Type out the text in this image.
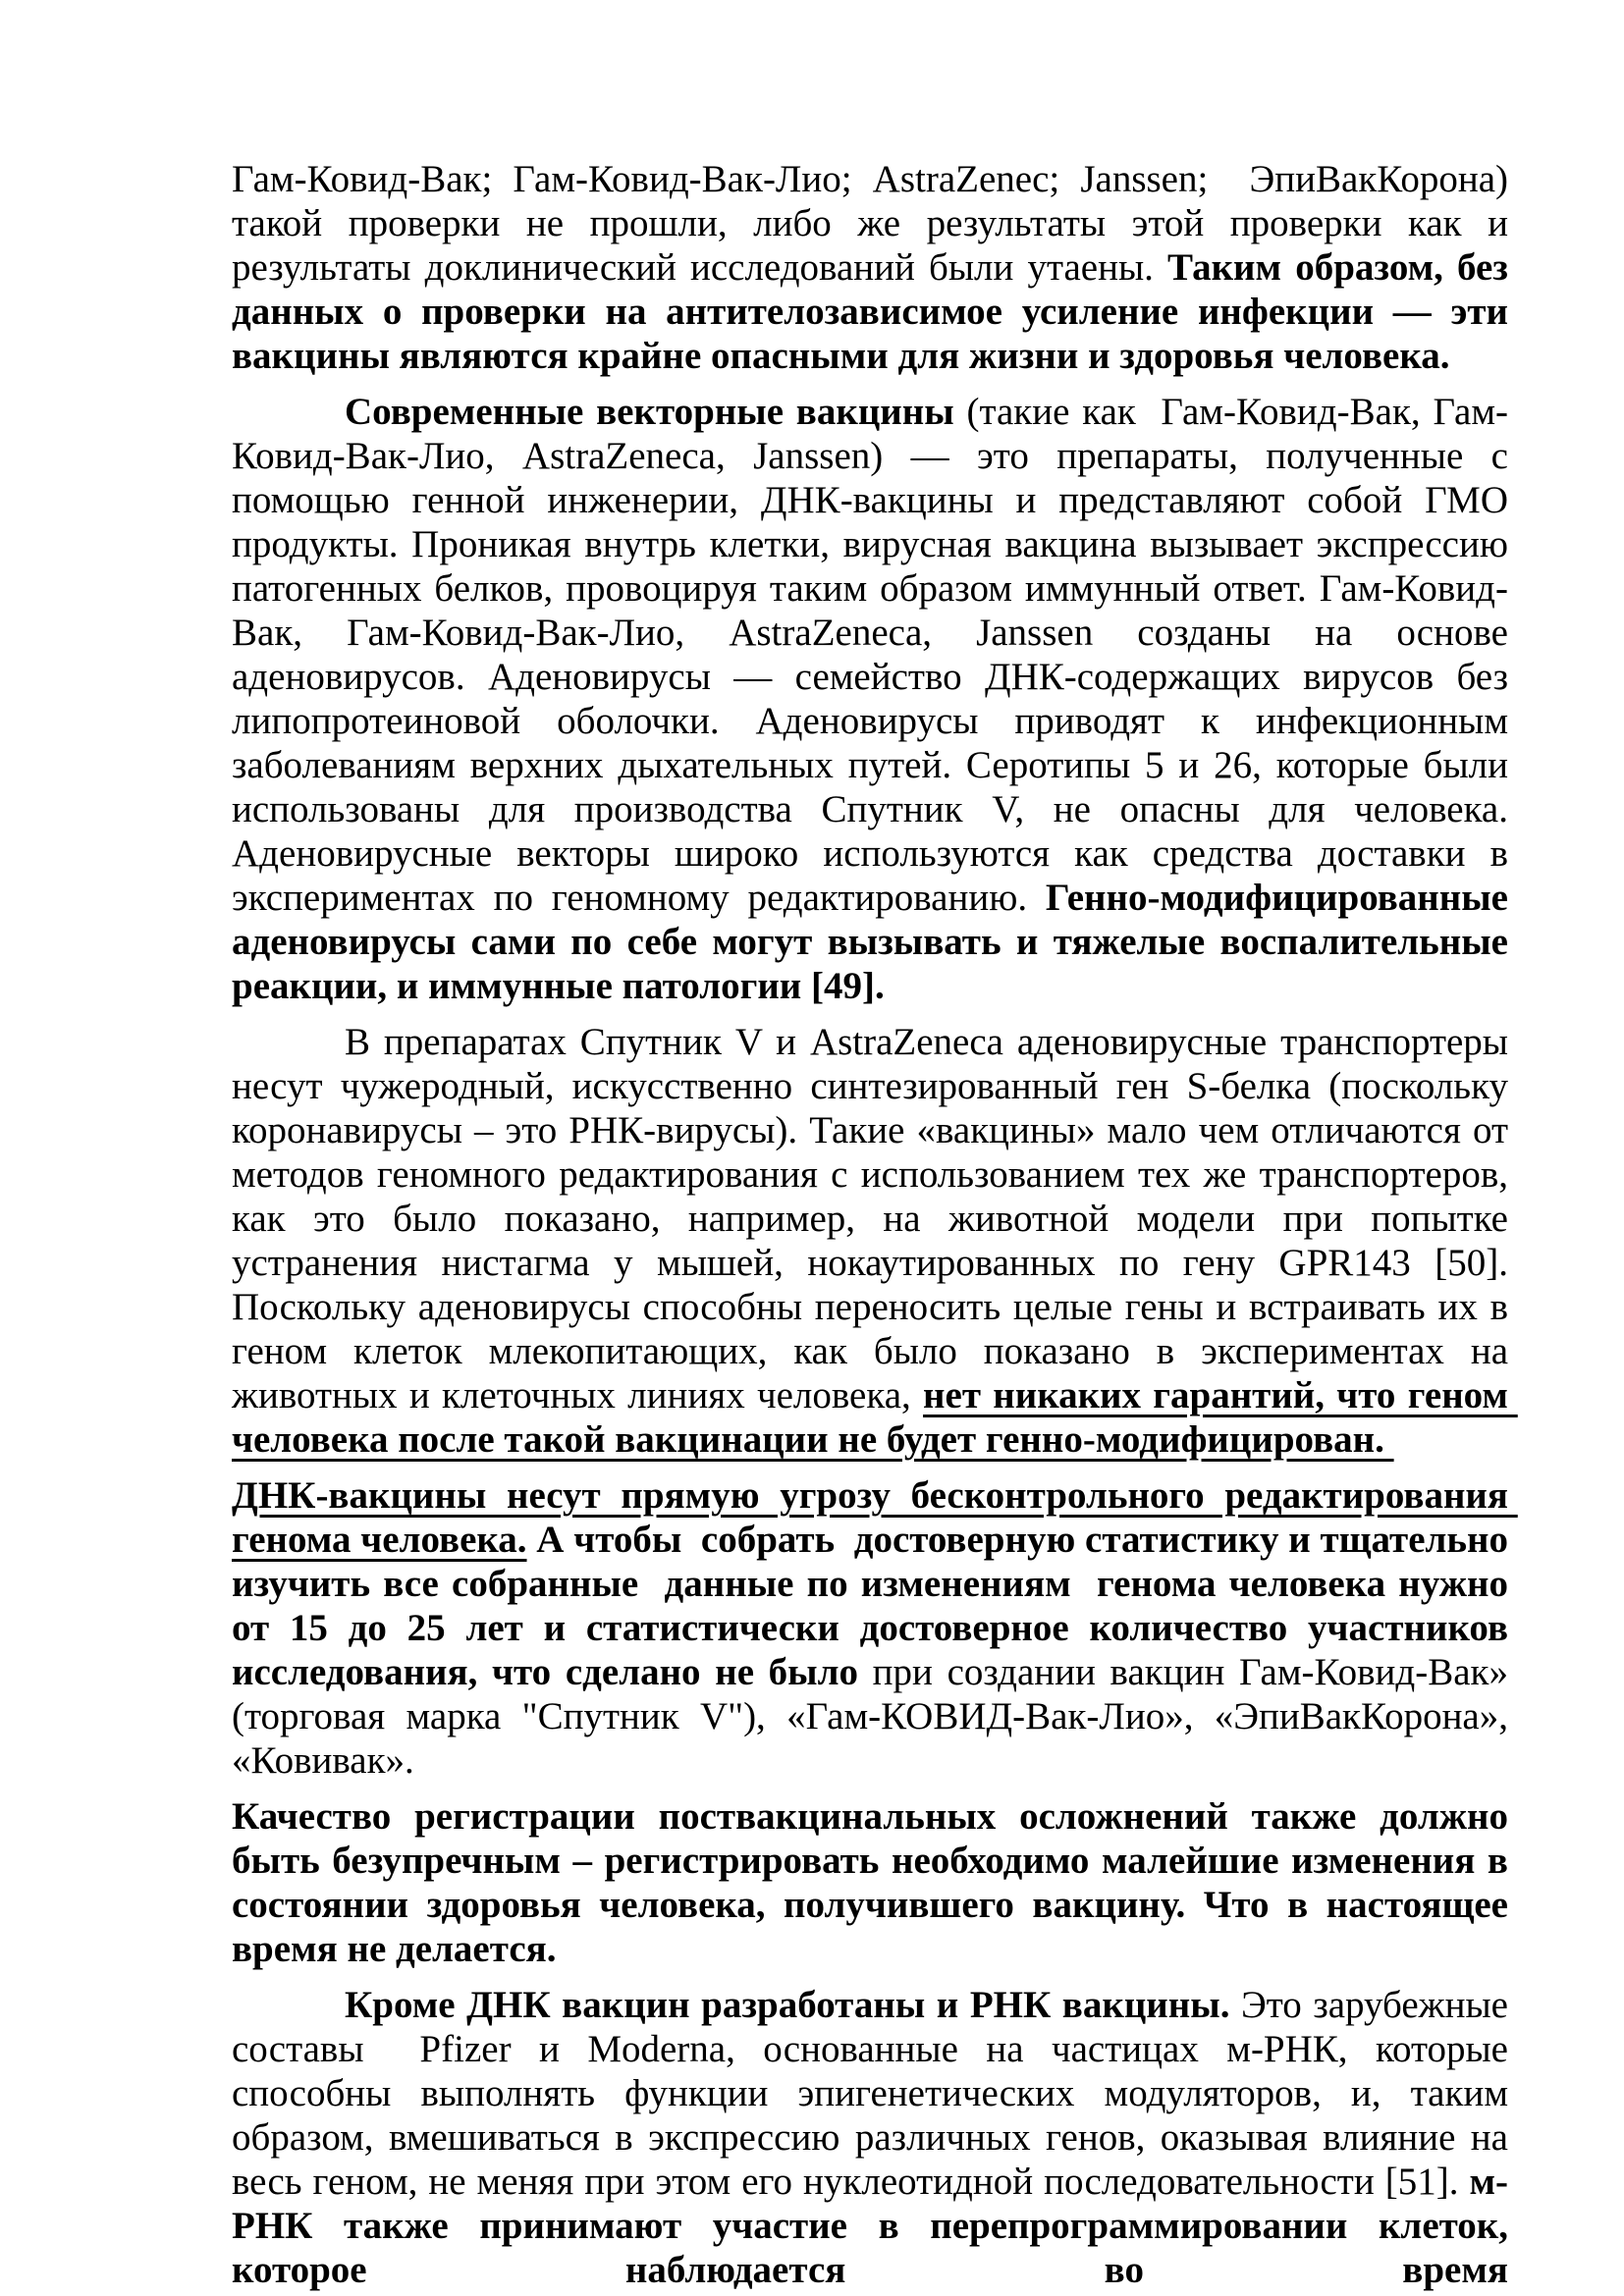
Гам-Ковид-Вак; Гам-Ковид-Вак-Лио; AstraZenec; Janssen;  ЭпиВакКорона) такой проверки не прошли, либо же результаты этой проверки как и результаты доклинический исследований были утаены. Таким образом, без данных о проверки на антителозависимое усиление инфекции — эти вакцины являются крайне опасными для жизни и здоровья человека.

Современные векторные вакцины (такие как  Гам-Ковид-Вак, Гам-Ковид-Вак-Лио, AstraZeneca, Janssen) — это препараты, полученные с помощью генной инженерии, ДНК-вакцины и представляют собой ГМО продукты. Проникая внутрь клетки, вирусная вакцина вызывает экспрессию патогенных белков, провоцируя таким образом иммунный ответ. Гам-Ковид-Вак, Гам-Ковид-Вак-Лио, AstraZeneca, Janssen созданы на основе аденовирусов. Аденовирусы — семейство ДНК-содержащих вирусов без липопротеиновой оболочки. Аденовирусы приводят к инфекционным заболеваниям верхних дыхательных путей. Серотипы 5 и 26, которые были использованы для производства Спутник V, не опасны для человека. Аденовирусные векторы широко используются как средства доставки в экспериментах по геномному редактированию. Генно-модифицированные аденовирусы сами по себе могут вызывать и тяжелые воспалительные реакции, и иммунные патологии [49].

В препаратах Спутник V и AstraZeneca аденовирусные транспортеры несут чужеродный, искусственно синтезированный ген S-белка (поскольку коронавирусы – это РНК-вирусы). Такие «вакцины» мало чем отличаются от методов геномного редактирования с использованием тех же транспортеров, как это было показано, например, на животной модели при попытке устранения нистагма у мышей, нокаутированных по гену GPR143 [50]. Поскольку аденовирусы способны переносить целые гены и встраивать их в геном клеток млекопитающих, как было показано в экспериментах на животных и клеточных линиях человека, нет никаких гарантий, что геном человека после такой вакцинации не будет генно-модифицирован.

ДНК-вакцины несут прямую угрозу бесконтрольного редактирования генома человека. А чтобы  собрать  достоверную статистику и тщательно изучить все собранные  данные по изменениям  генома человека нужно от 15 до 25 лет и статистически достоверное количество участников исследования, что сделано не было при создании вакцин Гам-Ковид-Вак» (торговая марка "Спутник V"), «Гам-КОВИД-Вак-Лио», «ЭпиВакКорона», «Ковивак».

Качество регистрации поствакцинальных осложнений также должно быть безупречным – регистрировать необходимо малейшие изменения в состоянии здоровья человека, получившего вакцину. Что в настоящее время не делается.

Кроме ДНК вакцин разработаны и РНК вакцины. Это зарубежные составы  Pfizer и Moderna, основанные на частицах м-РНК, которые способны выполнять функции эпигенетических модуляторов, и, таким образом, вмешиваться в экспрессию различных генов, оказывая влияние на весь геном, не меняя при этом его нуклеотидной последовательности [51]. м-РНК также принимают участие в перепрограммировании клеток, которое наблюдается во время
